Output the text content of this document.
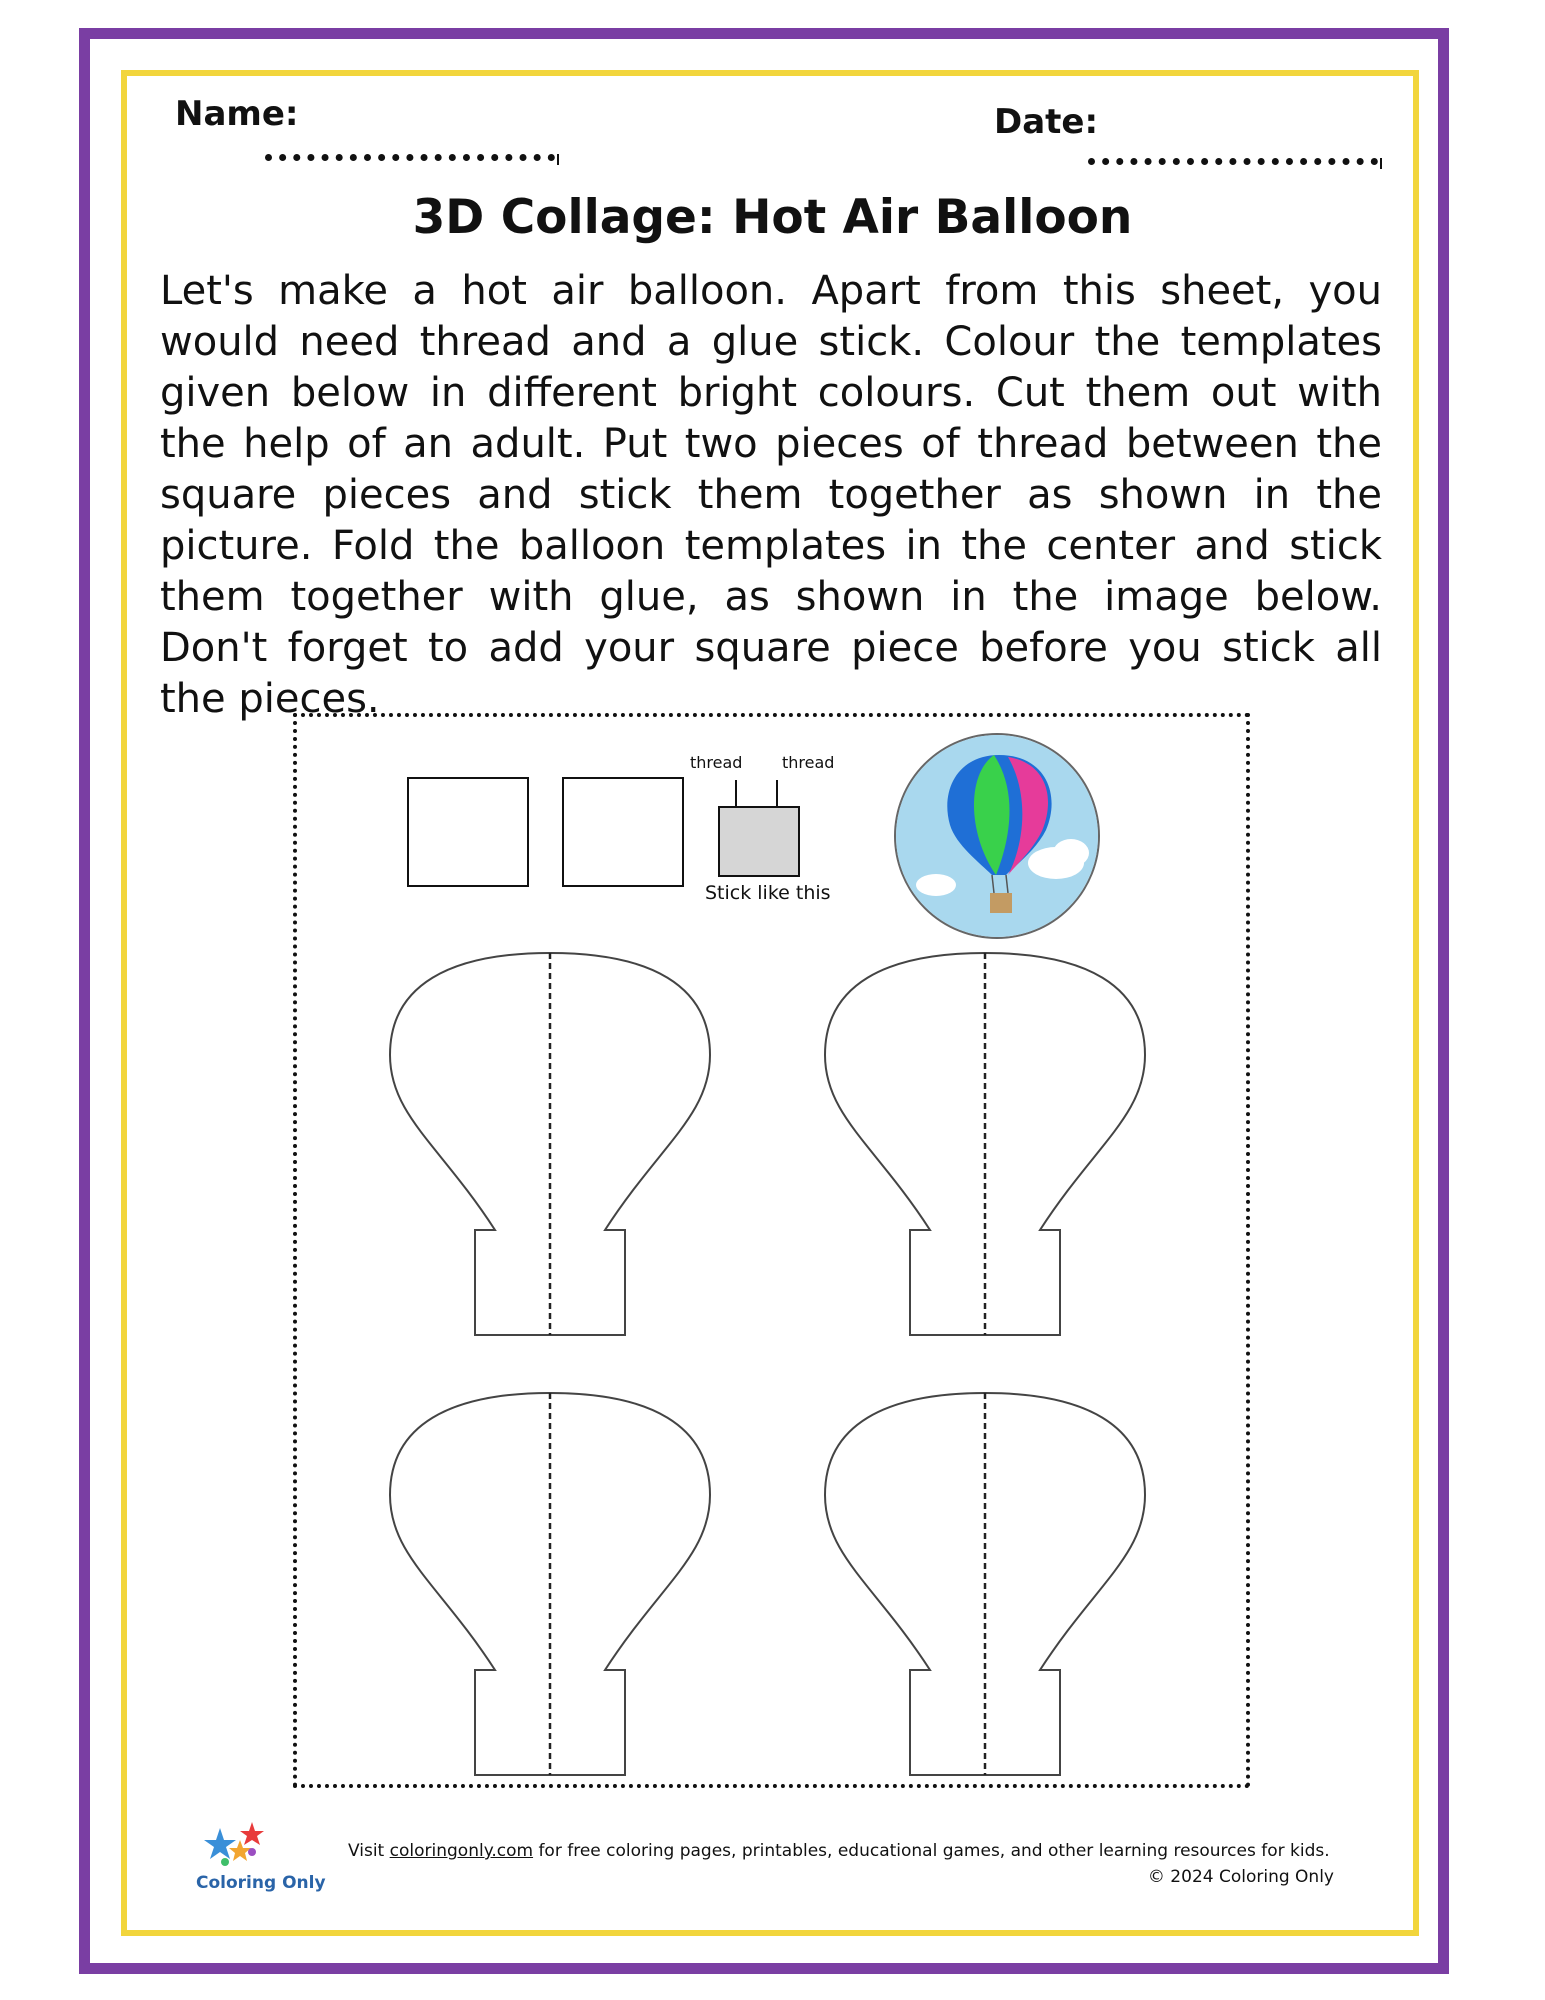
Name:	Date:
3D Collage: Hot Air Balloon
Let's make a hot air balloon. Apart from this sheet, you would need thread and a glue stick. Colour the templates given below in different bright colours. Cut them out with the help of an adult. Put two pieces of thread between the square pieces and stick them together as shown in the picture. Fold the balloon templates in the center and stick them together with glue, as shown in the image below. Don't forget to add your square piece before you stick all the pieces.
thread thread
Stick like this
Coloring Only
Visit coloringonly.com for free coloring pages, printables, educational games, and other learning resources for kids.
© 2024 Coloring Only
